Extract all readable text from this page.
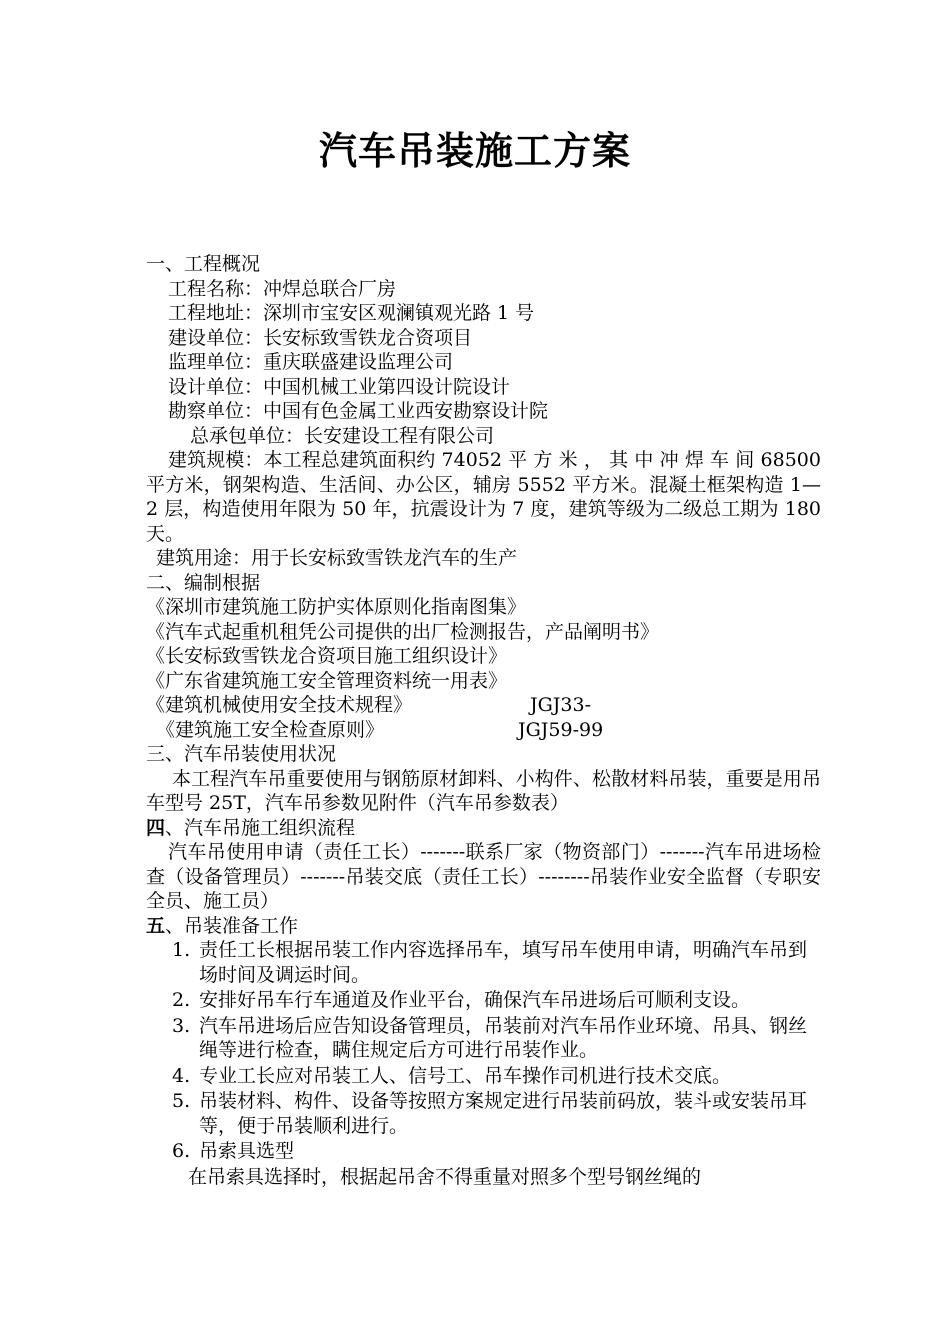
汽车吊装施工方案

一、工程概况

工程名称：冲焊总联合厂房

工程地址：深圳市宝安区观澜镇观光路 1 号

建设单位：长安标致雪铁龙合资项目

监理单位：重庆联盛建设监理公司

设计单位：中国机械工业第四设计院设计

勘察单位：中国有色金属工业西安勘察设计院

总承包单位：长安建设工程有限公司

建筑规模：本工程总建筑面积约 74052 平 方 米 ， 其 中 冲 焊 车 间 68500 平方米，钢架构造、生活间、办公区，辅房 5552 平方米。混凝土框架构造 1—2 层，构造使用年限为 50 年，抗震设计为 7 度，建筑等级为二级总工期为 180 天。

建筑用途：用于长安标致雪铁龙汽车的生产

二、编制根据

《深圳市建筑施工防护实体原则化指南图集》

《汽车式起重机租凭公司提供的出厂检测报告，产品阐明书》

《长安标致雪铁龙合资项目施工组织设计》

《广东省建筑施工安全管理资料统一用表》

《建筑机械使用安全技术规程》	JGJ33-
《建筑施工安全检查原则》	JGJ59-99

三、汽车吊装使用状况

本工程汽车吊重要使用与钢筋原材卸料、小构件、松散材料吊装，重要是用吊车型号 25T，汽车吊参数见附件（汽车吊参数表）

四、汽车吊施工组织流程

汽车吊使用申请（责任工长）-------联系厂家（物资部门）-------汽车吊进场检查（设备管理员）-------吊装交底（责任工长）--------吊装作业安全监督（专职安全员、施工员）

五、吊装准备工作

1. 责任工长根据吊装工作内容选择吊车，填写吊车使用申请，明确汽车吊到场时间及调运时间。
2. 安排好吊车行车通道及作业平台，确保汽车吊进场后可顺利支设。
3. 汽车吊进场后应告知设备管理员，吊装前对汽车吊作业环境、吊具、钢丝绳等进行检查，瞒住规定后方可进行吊装作业。
4. 专业工长应对吊装工人、信号工、吊车操作司机进行技术交底。
5. 吊装材料、构件、设备等按照方案规定进行吊装前码放，装斗或安装吊耳等，便于吊装顺利进行。
6. 吊索具选型

在吊索具选择时，根据起吊舍不得重量对照多个型号钢丝绳的
